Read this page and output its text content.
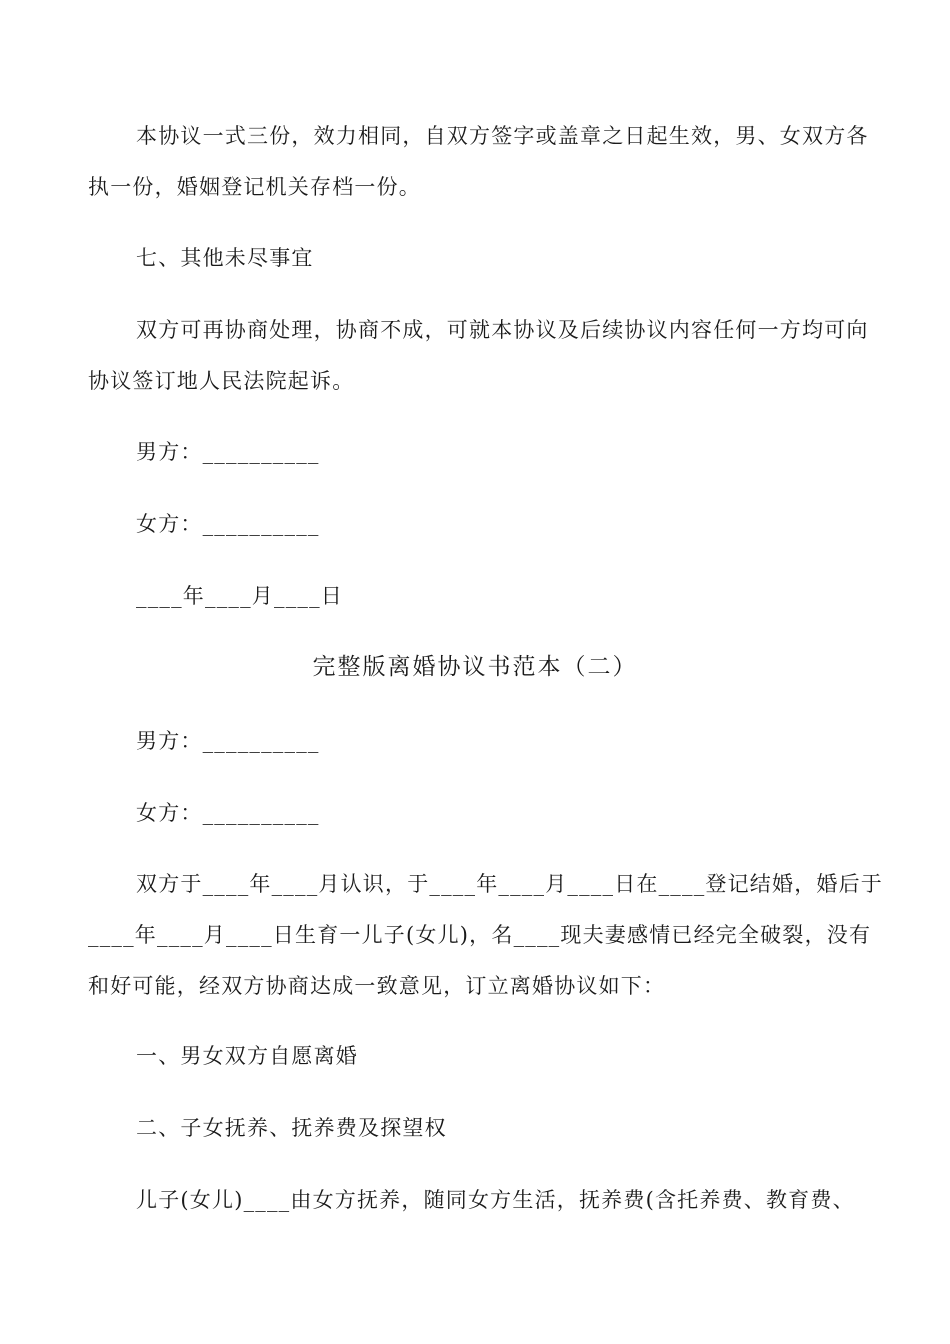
本协议一式三份，效力相同，自双方签字或盖章之日起生效，男、女双方各
执一份，婚姻登记机关存档一份。
七、其他未尽事宜
双方可再协商处理，协商不成，可就本协议及后续协议内容任何一方均可向
协议签订地人民法院起诉。
男方：__________
女方：__________
____年____月____日
完整版离婚协议书范本（二）
男方：__________
女方：__________
双方于____年____月认识，于____年____月____日在____登记结婚，婚后于
____年____月____日生育一儿子(女儿)，名____现夫妻感情已经完全破裂，没有
和好可能，经双方协商达成一致意见，订立离婚协议如下：
一、男女双方自愿离婚
二、子女抚养、抚养费及探望权
儿子(女儿)____由女方抚养，随同女方生活，抚养费(含托养费、教育费、
